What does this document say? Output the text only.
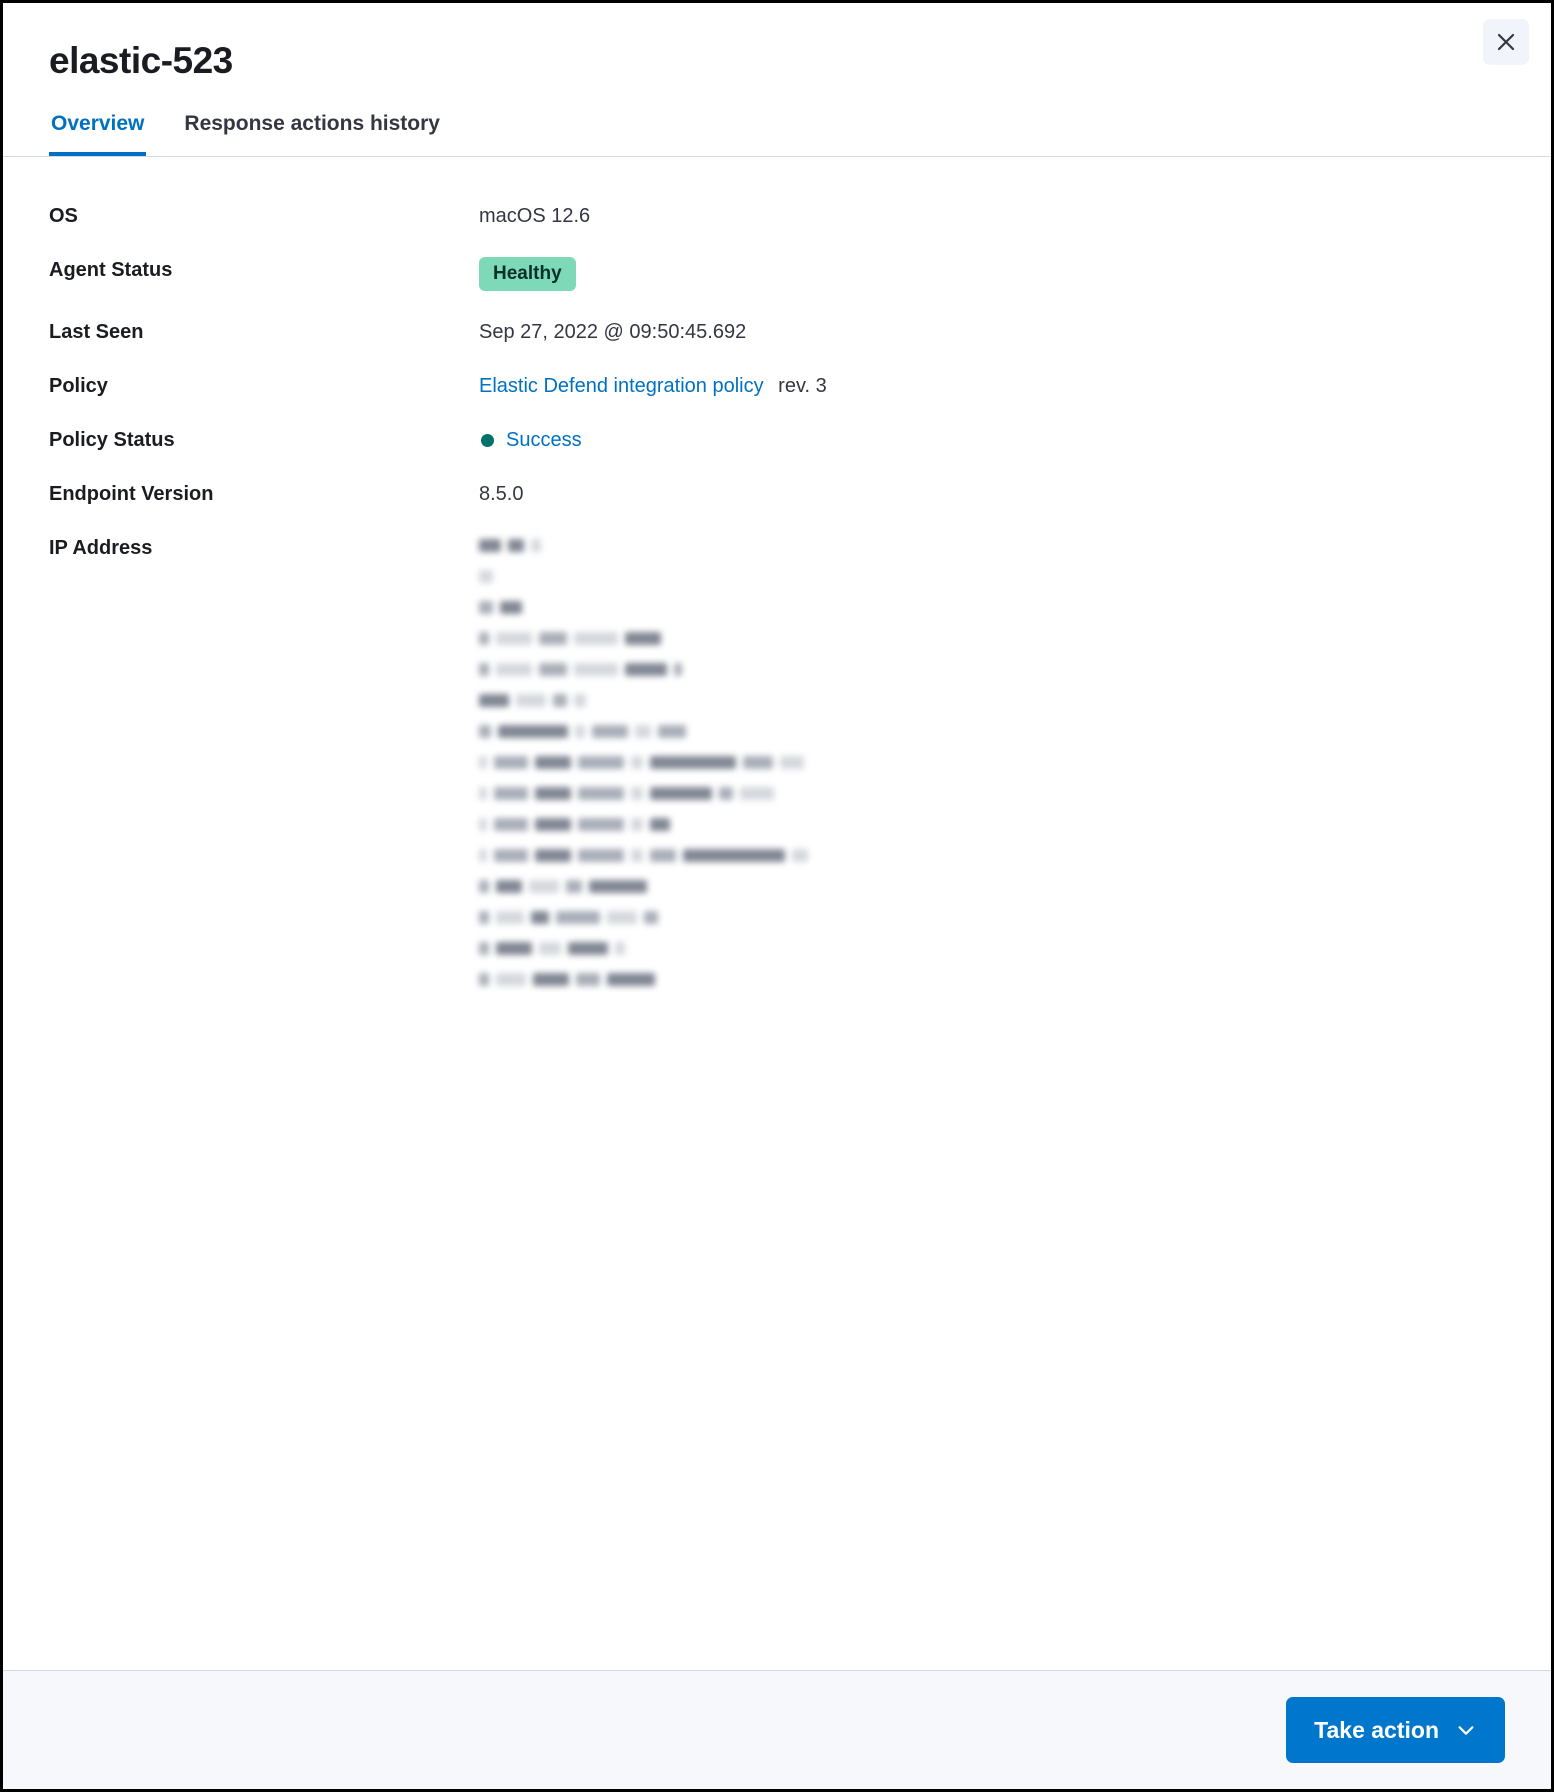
elastic-523
Overview Response actions history
OS	macOS 12.6
Agent Status	Healthy
Last Seen	Sep 27, 2022 @ 09:50:45.692
Policy	Elastic Defend integration policy rev. 3
Policy Status	Success
Endpoint Version	8.5.0
IP Address
Take action
